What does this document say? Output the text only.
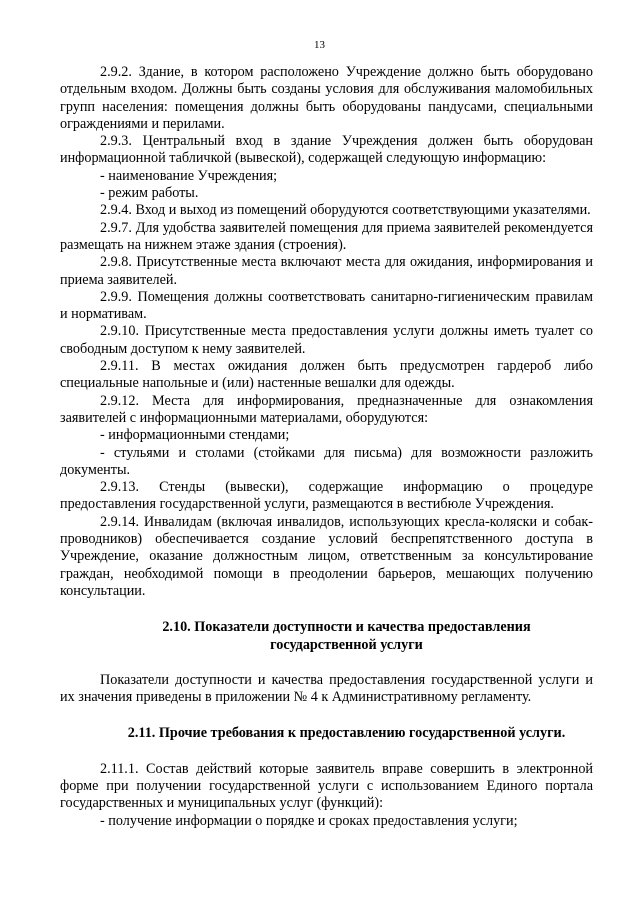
13

2.9.2. Здание, в котором расположено Учреждение должно быть оборудовано отдельным входом. Должны быть созданы условия для обслуживания маломобильных групп населения: помещения должны быть оборудованы пандусами, специальными ограждениями и перилами.

2.9.3. Центральный вход в здание Учреждения должен быть оборудован информационной табличкой (вывеской), содержащей следующую информацию:

- наименование Учреждения;

- режим работы.

2.9.4. Вход и выход из помещений оборудуются соответствующими указателями.

2.9.7. Для удобства заявителей помещения для приема заявителей рекомендуется размещать на нижнем этаже здания (строения).

2.9.8. Присутственные места включают места для ожидания, информирования и приема заявителей.

2.9.9. Помещения должны соответствовать санитарно-гигиеническим правилам и нормативам.

2.9.10. Присутственные места предоставления услуги должны иметь туалет со свободным доступом к нему заявителей.

2.9.11. В местах ожидания должен быть предусмотрен гардероб либо специальные напольные и (или) настенные вешалки для одежды.

2.9.12. Места для информирования, предназначенные для ознакомления заявителей с информационными материалами, оборудуются:

- информационными стендами;

- стульями и столами (стойками для письма) для возможности разложить документы.

2.9.13. Стенды (вывески), содержащие информацию о процедуре предоставления государственной услуги, размещаются в вестибюле Учреждения.

2.9.14. Инвалидам (включая инвалидов, использующих кресла-коляски и собак-проводников) обеспечивается создание условий беспрепятственного доступа в Учреждение, оказание должностным лицом, ответственным за консультирование граждан, необходимой помощи в преодолении барьеров, мешающих получению консультации.

2.10. Показатели доступности и качества предоставления
государственной услуги

Показатели доступности и качества предоставления государственной услуги и их значения приведены в приложении № 4 к Административному регламенту.

2.11. Прочие требования к предоставлению государственной услуги.

2.11.1. Состав действий которые заявитель вправе совершить в электронной форме при получении государственной услуги с использованием Единого портала государственных и муниципальных услуг (функций):

- получение информации о порядке и сроках предоставления услуги;
